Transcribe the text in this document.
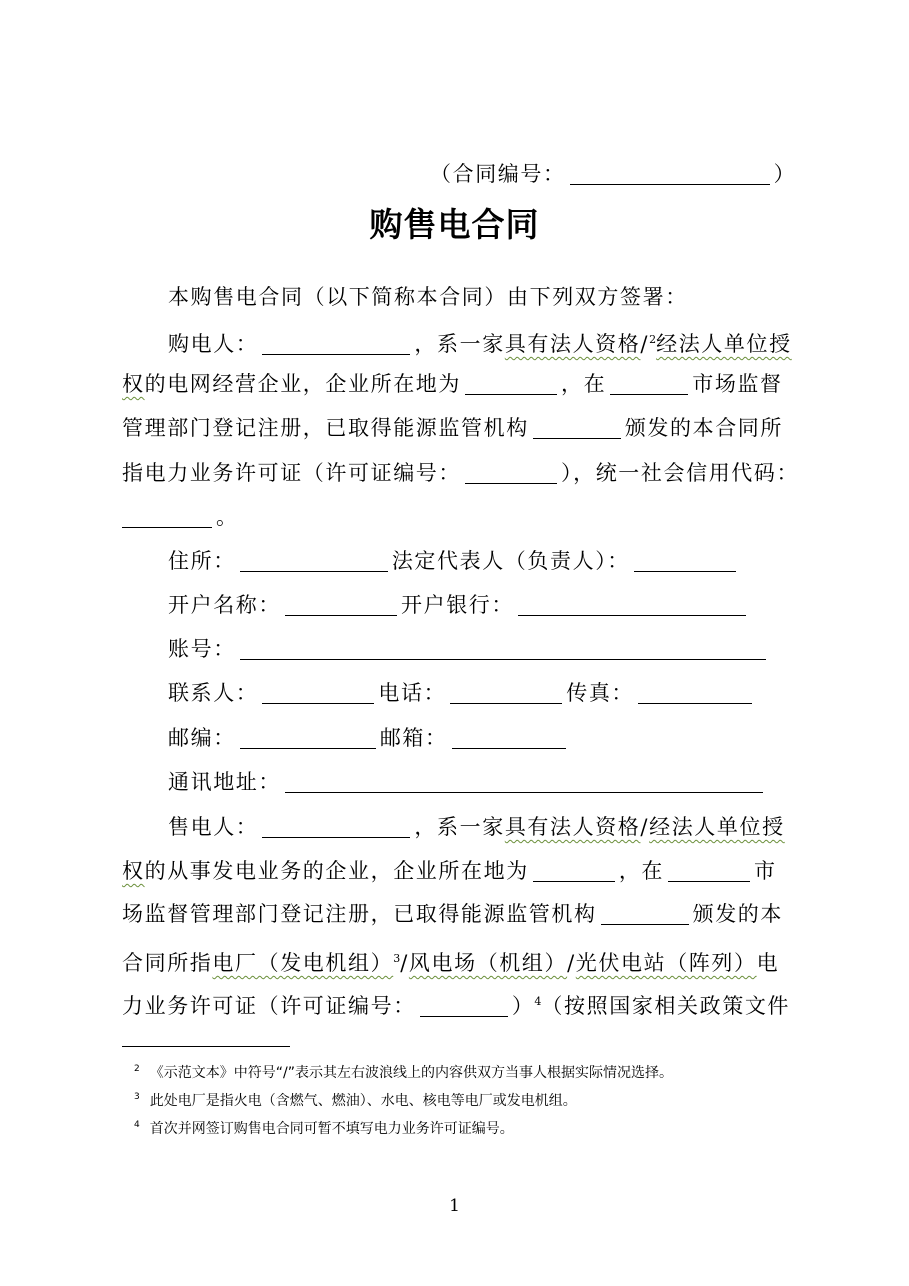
（合同编号：	）
购售电合同
本购售电合同（以下简称本合同）由下列双方签署：
购电人：	，系一家具有法人资格/$^2$经法人单位授
权的电网经营企业，企业所在地为	，在	市场监督
管理部门登记注册，已取得能源监管机构	颁发的本合同所
指电力业务许可证（许可证编号：	），统一社会信用代码：
。
住所：	法定代表人（负责人）：
开户名称：	开户银行：
账号：
联系人：	电话：	传真：
邮编：	邮箱：
通讯地址：
售电人：	，系一家具有法人资格/经法人单位授
权的从事发电业务的企业，企业所在地为	，在	市
场监督管理部门登记注册，已取得能源监管机构	颁发的本
合同所指电厂（发电机组）$^3$/风电场（机组）/光伏电站（阵列）电
力业务许可证（许可证编号：	）$^4$（按照国家相关政策文件
$^2$ 《示范文本》中符号“/”表示其左右波浪线上的内容供双方当事人根据实际情况选择。
$^3$ 此处电厂是指火电（含燃气、燃油）、水电、核电等电厂或发电机组。
$^4$ 首次并网签订购售电合同可暂不填写电力业务许可证编号。
1
